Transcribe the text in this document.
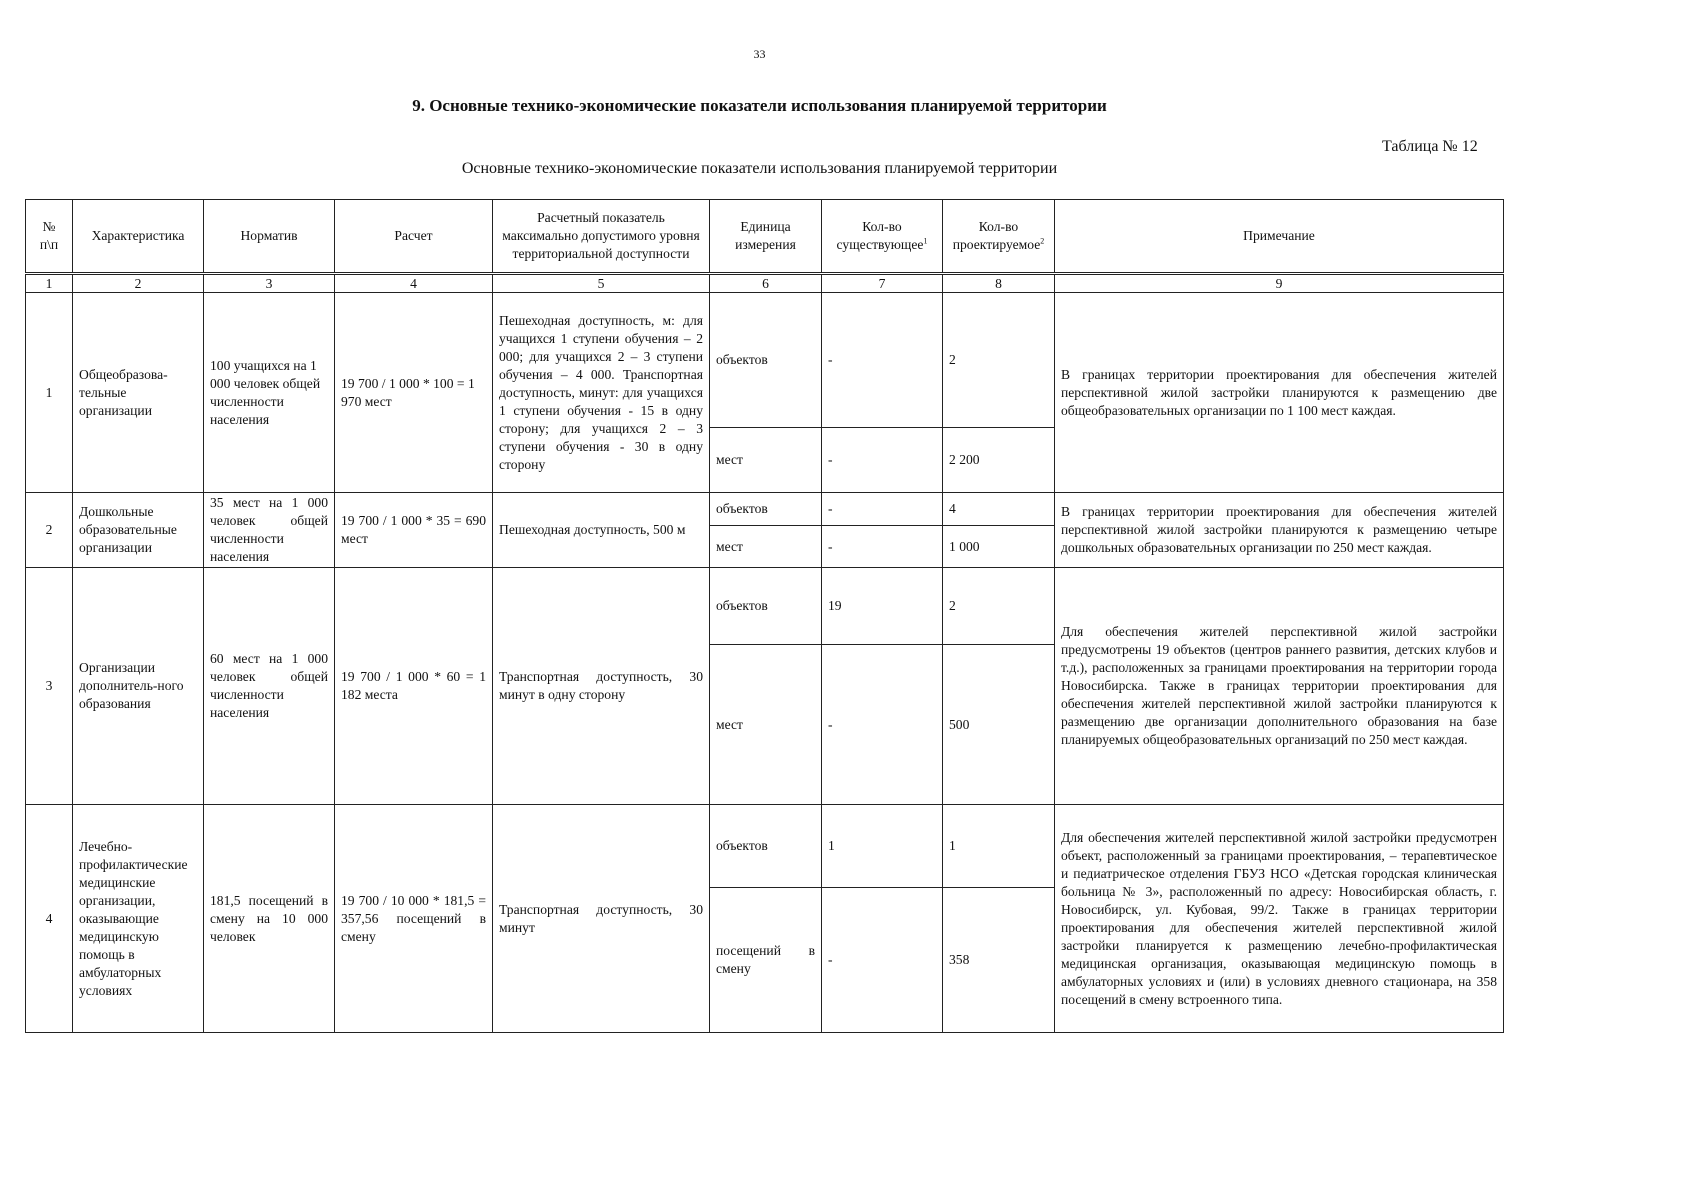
33
9. Основные технико-экономические показатели использования планируемой территории
Таблица № 12
Основные технико-экономические показатели использования планируемой территории
№ п\п	Характеристика	Норматив	Расчет	Расчетный показатель максимально допустимого уровня территориальной доступности	Единица измерения	Кол-во существующее$^1$	Кол-во проектируемое$^2$	Примечание
1	2	3	4	5	6	7	8	9
1	Общеобразова-тельные организации	100 учащихся на 1 000 человек общей численности населения	19 700 / 1 000 * 100 = 1 970 мест	Пешеходная доступность, м: для учащихся 1 ступени обучения – 2 000; для учащихся 2 – 3 ступени обучения – 4 000. Транспортная доступность, минут: для учащихся 1 ступени обучения - 15 в одну сторону; для учащихся 2 – 3 ступени обучения - 30 в одну сторону	объектов	-	2	В границах территории проектирования для обеспечения жителей перспективной жилой застройки планируются к размещению две общеобразовательных организации по 1 100 мест каждая.
					мест	-	2 200	
2	Дошкольные образовательные организации	35 мест на 1 000 человек общей численности населения	19 700 / 1 000 * 35 = 690 мест	Пешеходная доступность, 500 м	объектов	-	4	В границах территории проектирования для обеспечения жителей перспективной жилой застройки планируются к размещению четыре дошкольных образовательных организации по 250 мест каждая.
					мест	-	1 000	
3	Организации дополнитель-ного образования	60 мест на 1 000 человек общей численности населения	19 700 / 1 000 * 60 = 1 182 места	Транспортная доступность, 30 минут в одну сторону	объектов	19	2	Для обеспечения жителей перспективной жилой застройки предусмотрены 19 объектов (центров раннего развития, детских клубов и т.д.), расположенных за границами проектирования на территории города Новосибирска. Также в границах территории проектирования для обеспечения жителей перспективной жилой застройки планируются к размещению две организации дополнительного образования на базе планируемых общеобразовательных организаций по 250 мест каждая.
					мест	-	500	
4	Лечебно-профилактические медицинские организации, оказывающие медицинскую помощь в амбулаторных условиях	181,5 посещений в смену на 10 000 человек	19 700 / 10 000 * 181,5 = 357,56 посещений в смену	Транспортная доступность, 30 минут	объектов	1	1	Для обеспечения жителей перспективной жилой застройки предусмотрен объект, расположенный за границами проектирования, – терапевтическое и педиатрическое отделения ГБУЗ НСО «Детская городская клиническая больница № 3», расположенный по адресу: Новосибирская область, г. Новосибирск, ул. Кубовая, 99/2. Также в границах территории проектирования для обеспечения жителей перспективной жилой застройки планируется к размещению лечебно-профилактическая медицинская организация, оказывающая медицинскую помощь в амбулаторных условиях и (или) в условиях дневного стационара, на 358 посещений в смену встроенного типа.
					посещений в смену	-	358	
